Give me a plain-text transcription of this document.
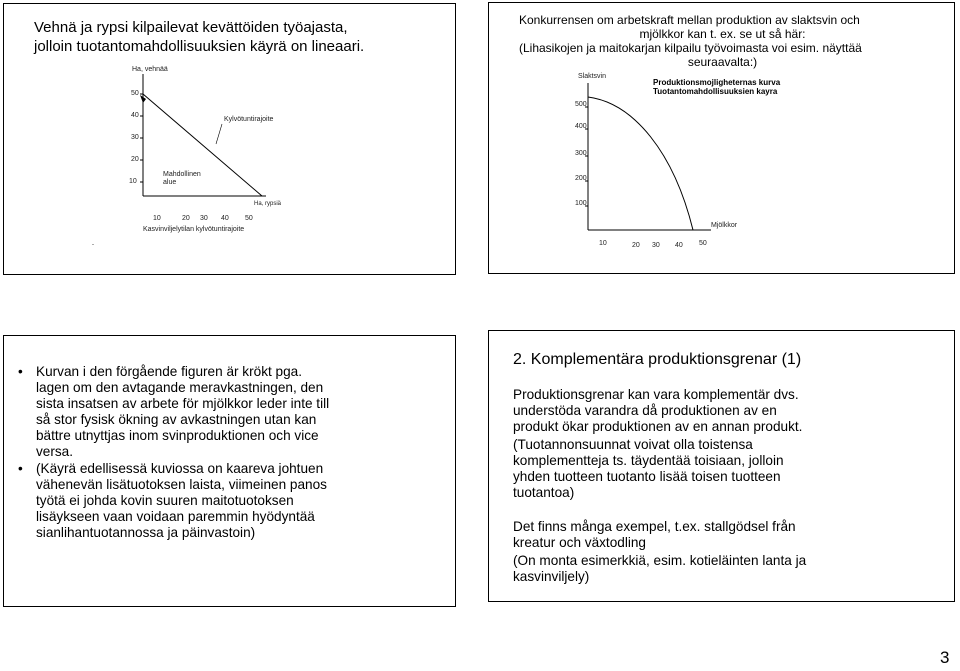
Vehnä ja rypsi kilpailevat kevättöiden työajasta,
jolloin tuotantomahdollisuuksien käyrä on lineaari.
Ha, vehnää
50
40
30
20
10
Kylvötuntirajoite
Mahdollinen
alue
Ha, rypsiä
10	20 30 40 50
Kasvinviljelytilan kylvötuntirajoite
-
Konkurrensen om arbetskraft mellan produktion av slaktsvin och
mjölkkor kan t. ex. se ut så här:
(Lihasikojen ja maitokarjan kilpailu työvoimasta voi esim. näyttää
seuraavalta:)
Slaktsvin
Produktionsmojligheternas kurva
Tuotantomahdollisuuksien kayra
500
400
300
200
100
Mjölkkor
10	20 30 40 50
• Kurvan i den förgående figuren är krökt pga.
lagen om den avtagande meravkastningen, den
sista insatsen av arbete för mjölkkor leder inte till
så stor fysisk ökning av avkastningen utan kan
bättre utnyttjas inom svinproduktionen och vice
versa.
• (Käyrä edellisessä kuviossa on kaareva johtuen
vähenevän lisätuotoksen laista, viimeinen panos
työtä ei johda kovin suuren maitotuotoksen
lisäykseen vaan voidaan paremmin hyödyntää
sianlihantuotannossa ja päinvastoin)
2. Komplementära produktionsgrenar (1)
Produktionsgrenar kan vara komplementär dvs.
understöda varandra då produktionen av en
produkt ökar produktionen av en annan produkt.
(Tuotannonsuunnat voivat olla toistensa
komplementteja ts. täydentää toisiaan, jolloin
yhden tuotteen tuotanto lisää toisen tuotteen
tuotantoa)
Det finns många exempel, t.ex. stallgödsel från
kreatur och växtodling
(On monta esimerkkiä, esim. kotieläinten lanta ja
kasvinviljely)
3
